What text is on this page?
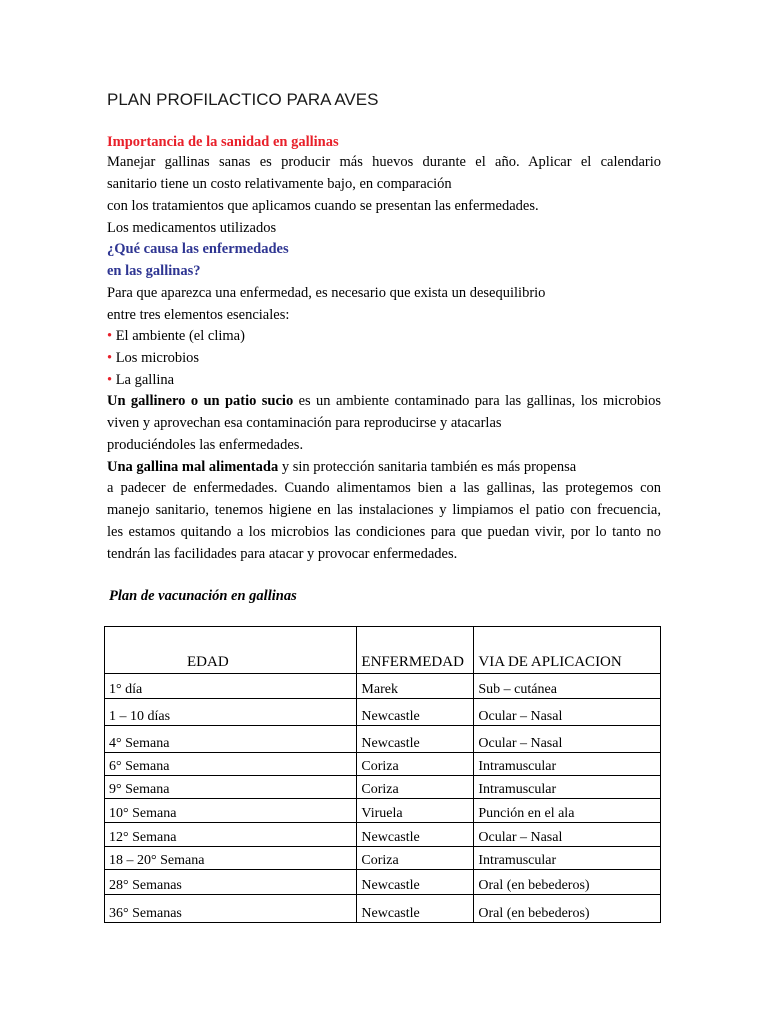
PLAN PROFILACTICO PARA AVES
Importancia de la sanidad en gallinas
Manejar gallinas sanas es producir más huevos durante el año. Aplicar el calendario
sanitario tiene un costo relativamente bajo, en comparación
con los tratamientos que aplicamos cuando se presentan las enfermedades.
Los medicamentos utilizados
¿Qué causa las enfermedades
en las gallinas?
Para que aparezca una enfermedad, es necesario que exista un desequilibrio
entre tres elementos esenciales:
• El ambiente (el clima)
• Los microbios
• La gallina
Un gallinero o un patio sucio es un ambiente contaminado para las gallinas, los microbios
viven y aprovechan esa contaminación para reproducirse y atacarlas
produciéndoles las enfermedades.
Una gallina mal alimentada y sin protección sanitaria también es más propensa
a padecer de enfermedades. Cuando alimentamos bien a las gallinas, las protegemos con
manejo sanitario, tenemos higiene en las instalaciones y limpiamos el patio con frecuencia,
les estamos quitando a los microbios las condiciones para que puedan vivir, por lo tanto no
tendrán las facilidades para atacar y provocar enfermedades.
Plan de vacunación en gallinas
EDAD	ENFERMEDAD	VIA DE APLICACION
1° día	Marek	Sub – cutánea
1 – 10 días	Newcastle	Ocular – Nasal
4° Semana	Newcastle	Ocular – Nasal
6° Semana	Coriza	Intramuscular
9° Semana	Coriza	Intramuscular
10° Semana	Viruela	Punción en el ala
12° Semana	Newcastle	Ocular – Nasal
18 – 20° Semana	Coriza	Intramuscular
28° Semanas	Newcastle	Oral (en bebederos)
36° Semanas	Newcastle	Oral (en bebederos)
